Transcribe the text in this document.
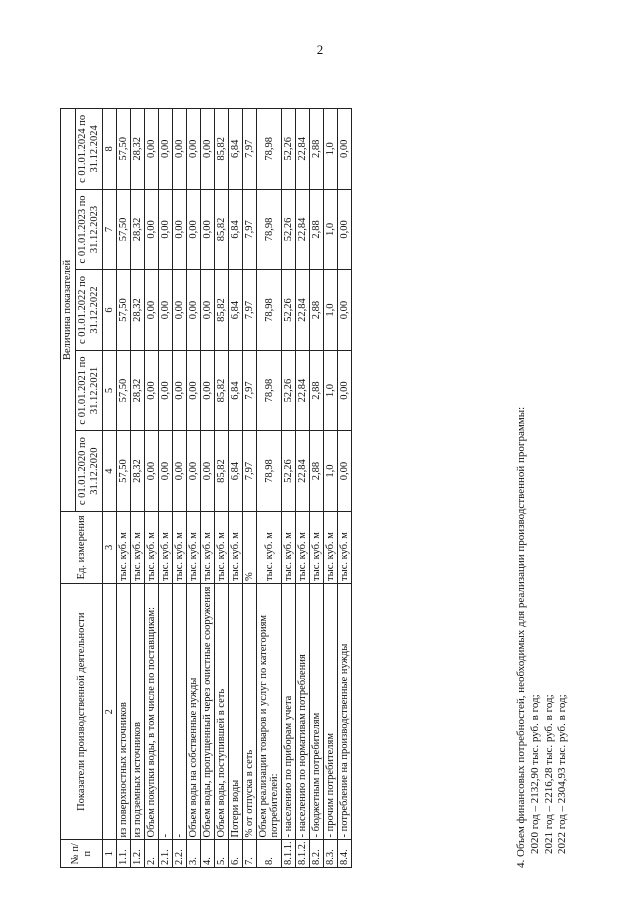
2
№ п/п	Показатели производственной деятельности	Ед. измерения	Величина показателей				
			с 01.01.2020 по 31.12.2020	с 01.01.2021 по 31.12.2021	с 01.01.2022 по 31.12.2022	с 01.01.2023 по 31.12.2023	с 01.01.2024 по 31.12.2024
1	2	3	4	5	6	7	8
1.1.	из поверхностных источников	тыс. куб. м	57,50	57,50	57,50	57,50	57,50
1.2.	из подземных источников	тыс. куб. м	28,32	28,32	28,32	28,32	28,32
2.	Объем покупки воды, в том числе по поставщикам:	тыс. куб. м	0,00	0,00	0,00	0,00	0,00
2.1.	-	тыс. куб. м	0,00	0,00	0,00	0,00	0,00
2.2.	-	тыс. куб. м	0,00	0,00	0,00	0,00	0,00
3.	Объем воды на собственные нужды	тыс. куб. м	0,00	0,00	0,00	0,00	0,00
4.	Объем воды, пропущенный через очистные сооружения	тыс. куб. м	0,00	0,00	0,00	0,00	0,00
5.	Объем воды, поступившей в сеть	тыс. куб. м	85,82	85,82	85,82	85,82	85,82
6.	Потери воды	тыс. куб. м	6,84	6,84	6,84	6,84	6,84
7.	% от отпуска в сеть	%	7,97	7,97	7,97	7,97	7,97
8.	Объем реализации товаров и услуг по категориям потребителей:	тыс. куб. м	78,98	78,98	78,98	78,98	78,98
8.1.1.	- населению по приборам учета	тыс. куб. м	52,26	52,26	52,26	52,26	52,26
8.1.2.	- населению по нормативам потребления	тыс. куб. м	22,84	22,84	22,84	22,84	22,84
8.2.	- бюджетным потребителям	тыс. куб. м	2,88	2,88	2,88	2,88	2,88
8.3.	- прочим потребителям	тыс. куб. м	1,0	1,0	1,0	1,0	1,0
8.4.	- потребление на производственные нужды	тыс. куб. м	0,00	0,00	0,00	0,00	0,00
4. Объем финансовых потребностей, необходимых для реализации производственной программы: 2020 год – 2132,90 тыс. руб. в год; 2021 год – 2216,28 тыс. руб. в год; 2022 год – 2304,93 тыс. руб. в год;
